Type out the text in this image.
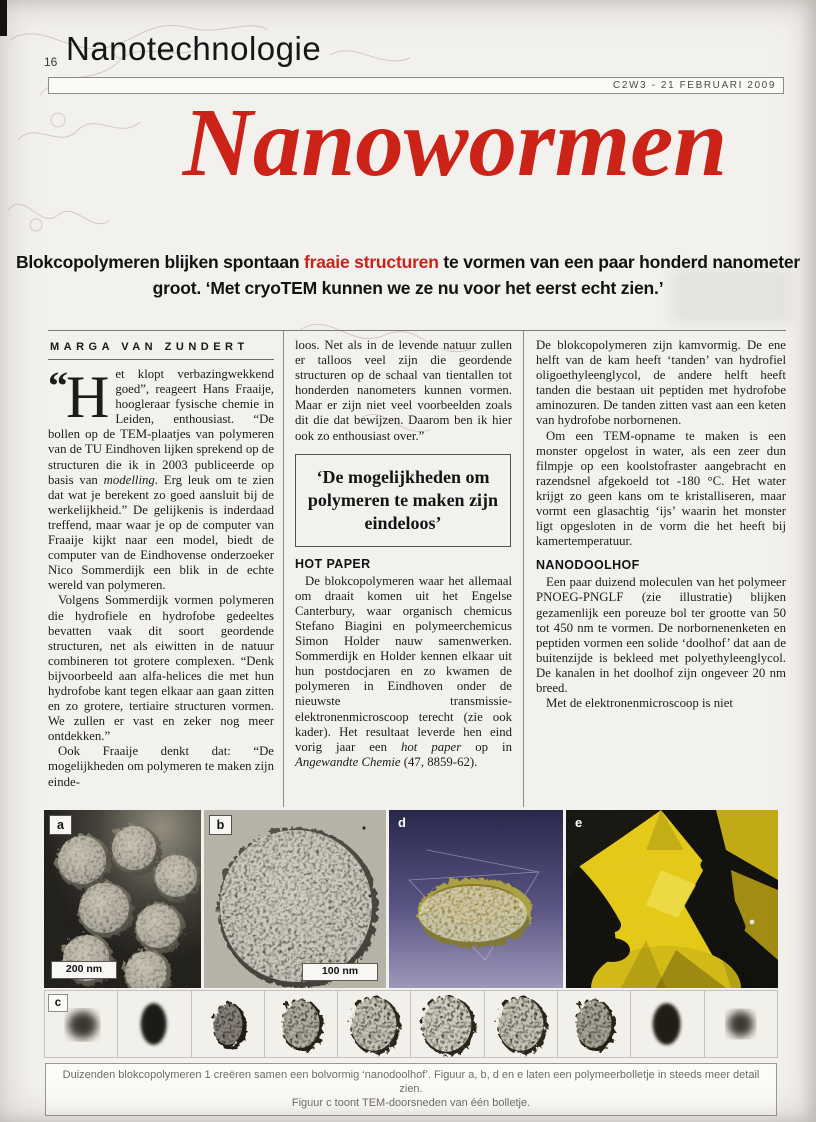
16 Nanotechnologie
C2W3 - 21 FEBRUARI 2009
Nanowormen

Blokcopolymeren blijken spontaan fraaie structuren te vormen van een paar honderd nanometer
groot. ‘Met cryoTEM kunnen we ze nu voor het eerst echt zien.’

MARGA VAN ZUNDERT

“H et klopt verbazingwekkend goed”, reageert Hans Fraaije, hoogleraar fysische chemie in Leiden, enthousiast. “De bollen op de TEM-plaatjes van polymeren van de TU Eindhoven lijken sprekend op de structuren die ik in 2003 publiceerde op basis van modelling. Erg leuk om te zien dat wat je berekent zo goed aansluit bij de werkelijkheid.” De gelijkenis is inderdaad treffend, maar waar je op de computer van Fraaije kijkt naar een model, biedt de computer van de Eindhovense onderzoeker Nico Sommerdijk een blik in de echte wereld van polymeren.

Volgens Sommerdijk vormen polymeren die hydrofiele en hydrofobe gedeeltes bevatten vaak dit soort geordende structuren, net als eiwitten in de natuur combineren tot grotere complexen. “Denk bijvoorbeeld aan alfa-helices die met hun hydrofobe kant tegen elkaar aan gaan zitten en zo grotere, tertiaire structuren vormen. We zullen er vast en zeker nog meer ontdekken.”

Ook Fraaije denkt dat: “De mogelijkheden om polymeren te maken zijn einde-

loos. Net als in de levende natuur zullen er talloos veel zijn die geordende structuren op de schaal van tientallen tot honderden nanometers kunnen vormen. Maar er zijn niet veel voorbeelden zoals dit die dat bewijzen. Daarom ben ik hier ook zo enthousiast over.”

‘De mogelijkheden om polymeren te maken zijn eindeloos’
HOT PAPER

De blokcopolymeren waar het allemaal om draait komen uit het Engelse Canterbury, waar organisch chemicus Stefano Biagini en polymeerchemicus Simon Holder nauw samenwerken. Sommerdijk en Holder kennen elkaar uit hun postdocjaren en zo kwamen de polymeren in Eindhoven onder de nieuwste transmissie-elektronenmicroscoop terecht (zie ook kader). Het resultaat leverde hen eind vorig jaar een hot paper op in Angewandte Chemie (47, 8859-62).

De blokcopolymeren zijn kamvormig. De ene helft van de kam heeft ‘tanden’ van hydrofiel oligoethyleenglycol, de andere helft heeft tanden die bestaan uit peptiden met hydrofobe aminozuren. De tanden zitten vast aan een keten van hydrofobe norbornenen.

Om een TEM-opname te maken is een monster opgelost in water, als een zeer dun filmpje op een koolstofraster aangebracht en razendsnel afgekoeld tot -180 °C. Het water krijgt zo geen kans om te kristalliseren, maar vormt een glasachtig ‘ijs’ waarin het monster ligt opgesloten in de vorm die het heeft bij kamertemperatuur.

NANODOOLHOF

Een paar duizend moleculen van het polymeer PNOEG-PNGLF (zie illustratie) blijken gezamenlijk een poreuze bol ter grootte van 50 tot 450 nm te vormen. De norbornenenketen en peptiden vormen een solide ‘doolhof’ dat aan de buitenzijde is bekleed met polyethyleenglycol. De kanalen in het doolhof zijn ongeveer 20 nm breed.

Met de elektronenmicroscoop is niet

a
200 nm
b
100 nm
d	e
c
Duizenden blokcopolymeren 1 creëren samen een bolvormig ‘nanodoolhof’. Figuur a, b, d en e laten een polymeerbolletje in steeds meer detail zien.
Figuur c toont TEM-doorsneden van één bolletje.
